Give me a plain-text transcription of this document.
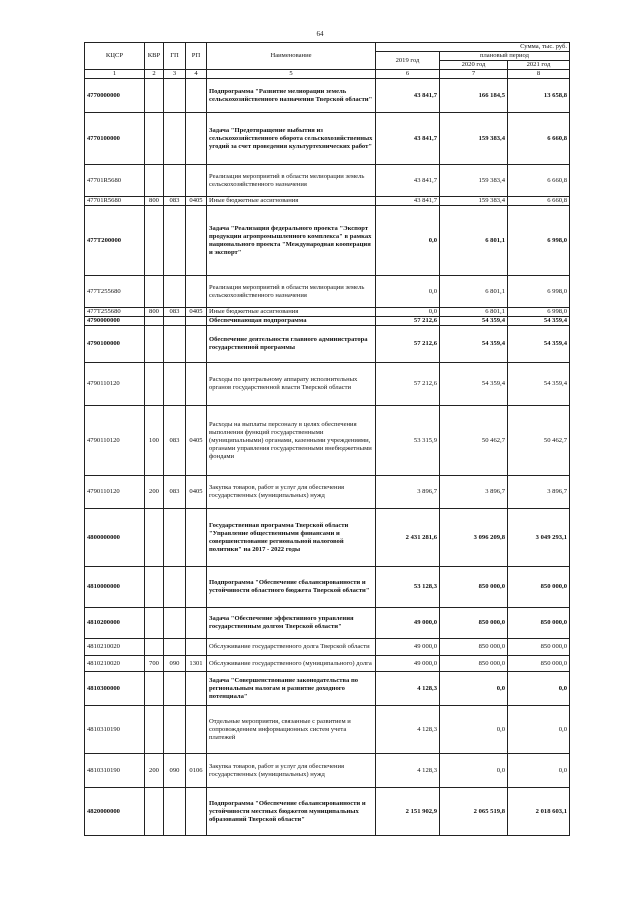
64
КЦСР	КВР	ГП	РП	Наименование	Сумма, тыс. руб.		
					2019 год	плановый период	
						2020 год	2021 год
1	2	3	4	5	6	7	8
4770000000				Подпрограмма "Развитие мелиорации земель сельскохозяйственного назначения Тверской области"	43 841,7	166 184,5	13 658,8
4770100000				Задача "Предотвращение выбытия из сельскохозяйственного оборота сельскохозяйственных угодий за счет проведения культуртехнических работ"	43 841,7	159 383,4	6 660,8
47701R5680				Реализация мероприятий в области мелиорации земель сельскохозяйственного назначения	43 841,7	159 383,4	6 660,8
47701R5680	800	083	0405	Иные бюджетные ассигнования	43 841,7	159 383,4	6 660,8
477T200000				Задача "Реализация федерального проекта "Экспорт продукции агропромышленного комплекса" в рамках национального проекта "Международная кооперация и экспорт"	0,0	6 801,1	6 998,0
477T255680				Реализация мероприятий в области мелиорации земель сельскохозяйственного назначения	0,0	6 801,1	6 998,0
477T255680	800	083	0405	Иные бюджетные ассигнования	0,0	6 801,1	6 998,0
4790000000				Обеспечивающая подпрограмма	57 212,6	54 359,4	54 359,4
4790100000				Обеспечение деятельности главного администратора государственной программы	57 212,6	54 359,4	54 359,4
4790110120				Расходы по центральному аппарату исполнительных органов государственной власти Тверской области	57 212,6	54 359,4	54 359,4
4790110120	100	083	0405	Расходы на выплаты персоналу в целях обеспечения выполнения функций государственными (муниципальными) органами, казенными учреждениями, органами управления государственными внебюджетными фондами	53 315,9	50 462,7	50 462,7
4790110120	200	083	0405	Закупка товаров, работ и услуг для обеспечения государственных (муниципальных) нужд	3 896,7	3 896,7	3 896,7
4800000000				Государственная программа Тверской области "Управление общественными финансами и совершенствование региональной налоговой политики" на 2017 - 2022 годы	2 431 281,6	3 096 209,8	3 049 293,1
4810000000				Подпрограмма "Обеспечение сбалансированности и устойчивости областного бюджета Тверской области"	53 128,3	850 000,0	850 000,0
4810200000				Задача "Обеспечение эффективного управления государственным долгом Тверской области"	49 000,0	850 000,0	850 000,0
4810210020				Обслуживание государственного долга Тверской области	49 000,0	850 000,0	850 000,0
4810210020	700	090	1301	Обслуживание государственного (муниципального) долга	49 000,0	850 000,0	850 000,0
4810300000				Задача "Совершенствование законодательства по региональным налогам и развитие доходного потенциала"	4 128,3	0,0	0,0
4810310190				Отдельные мероприятия, связанные с развитием и сопровождением информационных систем учета платежей	4 128,3	0,0	0,0
4810310190	200	090	0106	Закупка товаров, работ и услуг для обеспечения государственных (муниципальных) нужд	4 128,3	0,0	0,0
4820000000				Подпрограмма "Обеспечение сбалансированности и устойчивости местных бюджетов муниципальных образований Тверской области"	2 151 902,9	2 065 519,8	2 018 603,1
